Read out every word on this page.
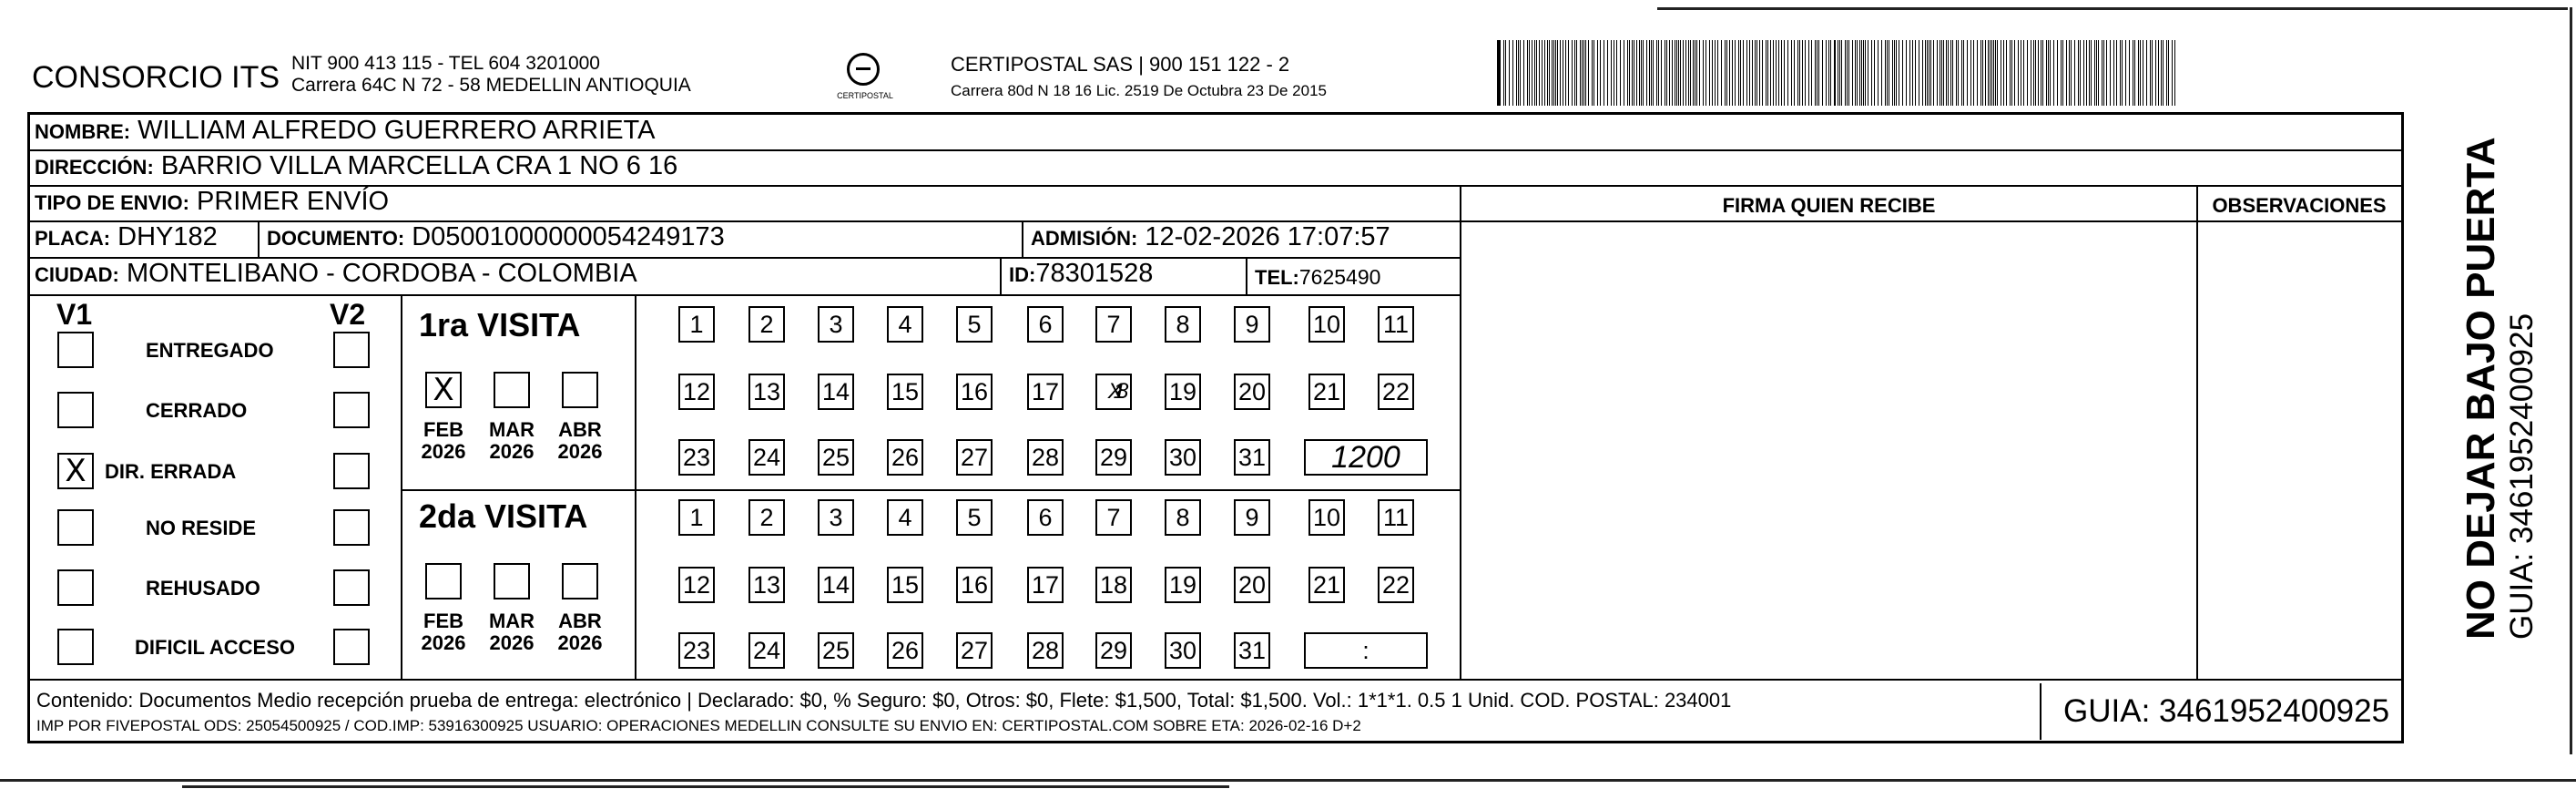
CONSORCIO ITS NIT 900 413 115 - TEL 604 3201000
Carrera 64C N 72 - 58 MEDELLIN ANTIOQUIA	CERTIPOSTAL
CERTIPOSTAL SAS | 900 151 122 - 2
Carrera 80d N 18 16 Lic. 2519 De Octubra 23 De 2015
NOMBRE: WILLIAM ALFREDO GUERRERO ARRIETA
DIRECCIÓN: BARRIO VILLA MARCELLA CRA 1 NO 6 16
TIPO DE ENVIO: PRIMER ENVÍO
PLACA: DHY182	DOCUMENTO: D05001000000054249173	ADMISIÓN: 12-02-2026 17:07:57
CIUDAD: MONTELIBANO - CORDOBA - COLOMBIA	ID:78301528	TEL:7625490
FIRMA QUIEN RECIBE	OBSERVACIONES
V1	V2
ENTREGADO
CERRADO
X DIR. ERRADA
NO RESIDE
REHUSADO
DIFICIL ACCESO
1ra VISITA
2da VISITA
X
FEB
2026
MAR
2026
ABR
2026
FEB
2026
MAR
2026
ABR
2026
1	2	3	4	5	6	7	8	9	10 11
12 13 14 15 16 17	X18	19 20 21 22
23 24 25 26 27 28 29 30 31	1200
1	2	3	4	5	6	7	8	9	10 11
12 13 14 15 16 17 18 19 20 21 22
23 24 25 26 27 28 29 30 31	:
Contenido: Documentos Medio recepción prueba de entrega: electrónico | Declarado: $0, % Seguro: $0, Otros: $0, Flete: $1,500, Total: $1,500. Vol.: 1*1*1. 0.5 1 Unid. COD. POSTAL: 234001
IMP POR FIVEPOSTAL ODS: 25054500925 / COD.IMP: 53916300925 USUARIO: OPERACIONES MEDELLIN CONSULTE SU ENVIO EN: CERTIPOSTAL.COM SOBRE ETA: 2026-02-16 D+2	GUIA: 3461952400925
NO DEJAR BAJO PUERTA GUIA: 3461952400925
